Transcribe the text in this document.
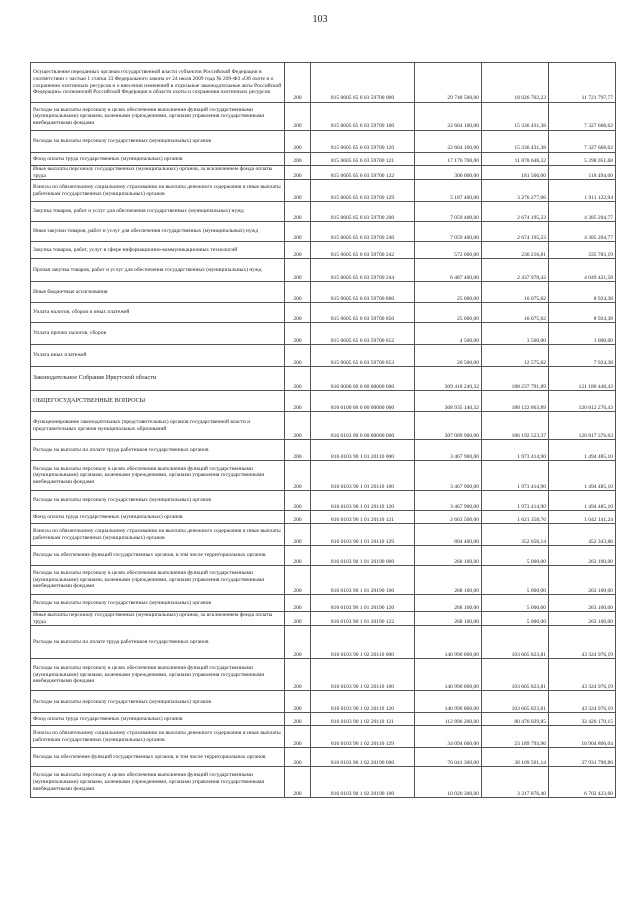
103
Осуществление переданных органам государственной власти субъектов Российской Федерации в соответствии с частью 1 статьи 33 Федерального закона от 24 июля 2009 года № 209-ФЗ «Об охоте и о сохранении охотничьих ресурсов и о внесении изменений в отдельные законодательные акты Российской Федерации» полномочий Российской Федерации в области охоты и сохранения охотничьих ресурсов	200	815 0605 65 6 03 59700 000	29 748 500,00	18 026 702,23	11 721 797,77
Расходы на выплаты персоналу в целях обеспечения выполнения функций государственными (муниципальными) органами, казенными учреждениями, органами управления государственными внебюджетными фондами	200	815 0605 65 6 03 59700 100	22 664 100,00	15 336 431,38	7 327 668,62
Расходы на выплаты персоналу государственных (муниципальных) органов	200	815 0605 65 6 03 59700 120	22 664 100,00	15 336 431,38	7 327 668,62
Фонд оплаты труда государственных (муниципальных) органов	200	815 0605 65 6 03 59700 121	17 176 700,00	11 878 648,32	5 298 051,68
Иные выплаты персоналу государственных (муниципальных) органов, за исключением фонда оплаты труда	200	815 0605 65 6 03 59700 122	300 000,00	181 506,00	118 494,00
Взносы по обязательному социальному страхованию на выплаты денежного содержания и иные выплаты работникам государственных (муниципальных) органов	200	815 0605 65 6 03 59700 129	5 187 400,00	3 276 277,06	1 911 122,94
Закупка товаров, работ и услуг для обеспечения государственных (муниципальных) нужд	200	815 0605 65 6 03 59700 200	7 059 400,00	2 674 195,23	4 385 204,77
Иные закупки товаров, работ и услуг для обеспечения государственных (муниципальных) нужд	200	815 0605 65 6 03 59700 240	7 059 400,00	2 674 195,23	4 385 204,77
Закупка товаров, работ, услуг в сфере информационно-коммуникационных технологий	200	815 0605 65 6 03 59700 242	572 000,00	236 216,81	335 783,19
Прочая закупка товаров, работ и услуг для обеспечения государственных (муниципальных) нужд	200	815 0605 65 6 03 59700 244	6 487 400,00	2 437 978,42	4 049 421,58
Иные бюджетные ассигнования	200	815 0605 65 6 03 59700 800	25 000,00	16 075,62	8 924,38
Уплата налогов, сборов и иных платежей	200	815 0605 65 6 03 59700 850	25 000,00	16 075,62	8 924,38
Уплата прочих налогов, сборов	200	815 0605 65 6 03 59700 852	4 500,00	3 500,00	1 000,00
Уплата иных платежей	200	815 0605 65 6 03 59700 853	20 500,00	12 575,62	7 924,38
Законодательное Собрание Иркутской области	200	816 0000 00 0 00 00000 000	309 418 240,32	188 237 791,89	121 180 448,43
ОБЩЕГОСУДАРСТВЕННЫЕ ВОПРОСЫ	200	816 0100 00 0 00 00000 000	308 935 140,32	188 122 863,89	120 812 276,43
Функционирование законодательных (представительных) органов государственной власти и представительных органов муниципальных образований	200	816 0103 00 0 00 00000 000	307 009 900,00	186 192 523,37	120 817 376,63
Расходы на выплаты по оплате труда работников государственных органов	200	816 0103 90 1 01 20110 000	3 467 900,00	1 973 414,90	1 494 485,10
Расходы на выплаты персоналу в целях обеспечения выполнения функций государственными (муниципальными) органами, казенными учреждениями, органами управления государственными внебюджетными фондами	200	816 0103 90 1 01 20110 100	3 467 900,00	1 973 414,90	1 494 485,10
Расходы на выплаты персоналу государственных (муниципальных) органов	200	816 0103 90 1 01 20110 120	3 467 900,00	1 973 414,90	1 494 485,10
Фонд оплаты труда государственных (муниципальных) органов	200	816 0103 90 1 01 20110 121	2 663 500,00	1 621 358,76	1 042 141,24
Взносы по обязательному социальному страхованию на выплаты денежного содержания и иные выплаты работникам государственных (муниципальных) органов	200	816 0103 90 1 01 20110 129	804 400,00	352 056,14	452 343,86
Расходы на обеспечение функций государственных органов, в том числе территориальных органов	200	816 0103 90 1 01 20190 000	268 100,00	5 000,00	263 100,00
Расходы на выплаты персоналу в целях обеспечения выполнения функций государственными (муниципальными) органами, казенными учреждениями, органами управления государственными внебюджетными фондами	200	816 0103 90 1 01 20190 100	268 100,00	5 000,00	263 100,00
Расходы на выплаты персоналу государственных (муниципальных) органов	200	816 0103 90 1 01 20190 120	268 100,00	5 000,00	263 100,00
Иные выплаты персоналу государственных (муниципальных) органов, за исключением фонда оплаты труда	200	816 0103 90 1 01 20190 122	268 100,00	5 000,00	263 100,00
Расходы на выплаты по оплате труда работников государственных органов	200	816 0103 90 1 02 20110 000	146 990 800,00	103 665 823,81	43 324 976,19
Расходы на выплаты персоналу в целях обеспечения выполнения функций государственными (муниципальными) органами, казенными учреждениями, органами управления государственными внебюджетными фондами	200	816 0103 90 1 02 20110 100	146 990 800,00	103 665 823,81	43 324 976,19
Расходы на выплаты персоналу государственных (муниципальных) органов	200	816 0103 90 1 02 20110 120	146 990 800,00	103 665 823,81	43 324 976,19
Фонд оплаты труда государственных (муниципальных) органов	200	816 0103 90 1 02 20110 121	112 896 200,00	80 476 029,85	32 420 170,15
Взносы по обязательному социальному страхованию на выплаты денежного содержания и иные выплаты работникам государственных (муниципальных) органов	200	816 0103 90 1 02 20110 129	34 094 600,00	23 189 793,96	10 904 806,04
Расходы на обеспечение функций государственных органов, в том числе территориальных органов	200	816 0103 90 1 02 20190 000	76 041 300,00	38 109 501,14	37 931 798,86
Расходы на выплаты персоналу в целях обеспечения выполнения функций государственными (муниципальными) органами, казенными учреждениями, органами управления государственными внебюджетными фондами	200	816 0103 90 1 02 20190 100	10 020 300,00	3 317 876,40	6 702 423,60
